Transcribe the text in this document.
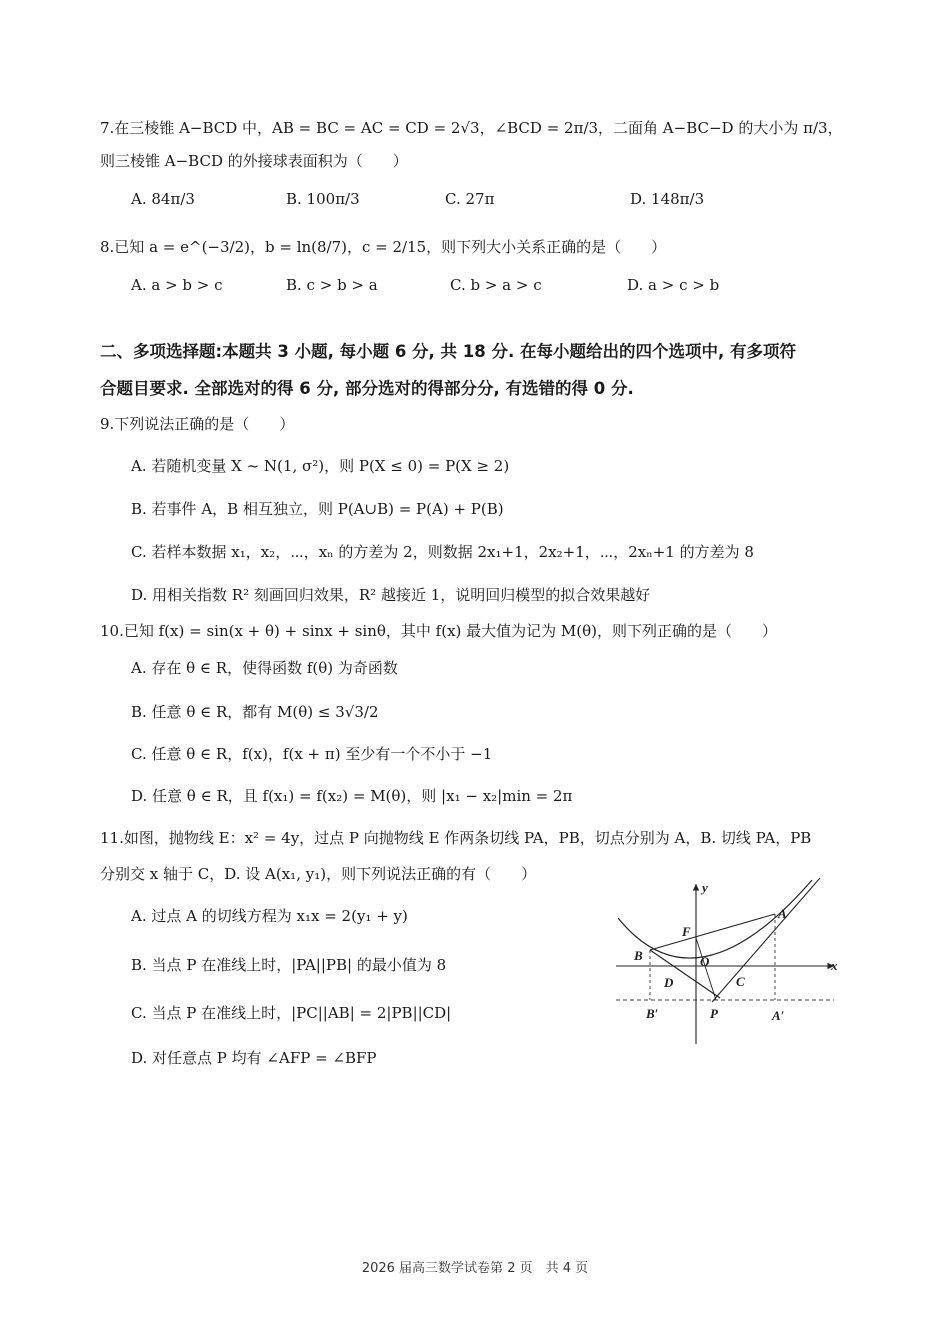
7.在三棱锥 A−BCD 中，AB = BC = AC = CD = 2√3，∠BCD = 2π/3，二面角 A−BC−D 的大小为 π/3，
则三棱锥 A−BCD 的外接球表面积为（　　）
A. 84π/3	B. 100π/3	C. 27π	D. 148π/3
8.已知 a = e^(−3/2)，b = ln(8/7)，c = 2/15，则下列大小关系正确的是（　　）
A. a > b > c	B. c > b > a	C. b > a > c	D. a > c > b
二、多项选择题:本题共 3 小题, 每小题 6 分, 共 18 分. 在每小题给出的四个选项中, 有多项符
合题目要求. 全部选对的得 6 分, 部分选对的得部分分, 有选错的得 0 分.
9.下列说法正确的是（　　）
A. 若随机变量 X ~ N(1, σ²)，则 P(X ≤ 0) = P(X ≥ 2)
B. 若事件 A，B 相互独立，则 P(A∪B) = P(A) + P(B)
C. 若样本数据 x₁，x₂，⋯，xₙ 的方差为 2，则数据 2x₁+1，2x₂+1，⋯，2xₙ+1 的方差为 8
D. 用相关指数 R² 刻画回归效果，R² 越接近 1，说明回归模型的拟合效果越好
10.已知 f(x) = sin(x + θ) + sinx + sinθ，其中 f(x) 最大值为记为 M(θ)，则下列正确的是（　　）
A. 存在 θ ∈ R，使得函数 f(θ) 为奇函数
B. 任意 θ ∈ R，都有 M(θ) ≤ 3√3/2
C. 任意 θ ∈ R，f(x)，f(x + π) 至少有一个不小于 −1
D. 任意 θ ∈ R，且 f(x₁) = f(x₂) = M(θ)，则 |x₁ − x₂|min = 2π
11.如图，抛物线 E：x² = 4y，过点 P 向抛物线 E 作两条切线 PA，PB，切点分别为 A，B. 切线 PA，PB
分别交 x 轴于 C，D. 设 A(x₁, y₁)，则下列说法正确的有（　　）
A. 过点 A 的切线方程为 x₁x = 2(y₁ + y)
B. 当点 P 在准线上时，|PA||PB| 的最小值为 8
C. 当点 P 在准线上时，|PC||AB| = 2|PB||CD|
D. 对任意点 P 均有 ∠AFP = ∠BFP
y
x
A
B
F
O
D	C
B′	P	A′
2026 届高三数学试卷第 2 页　共 4 页
